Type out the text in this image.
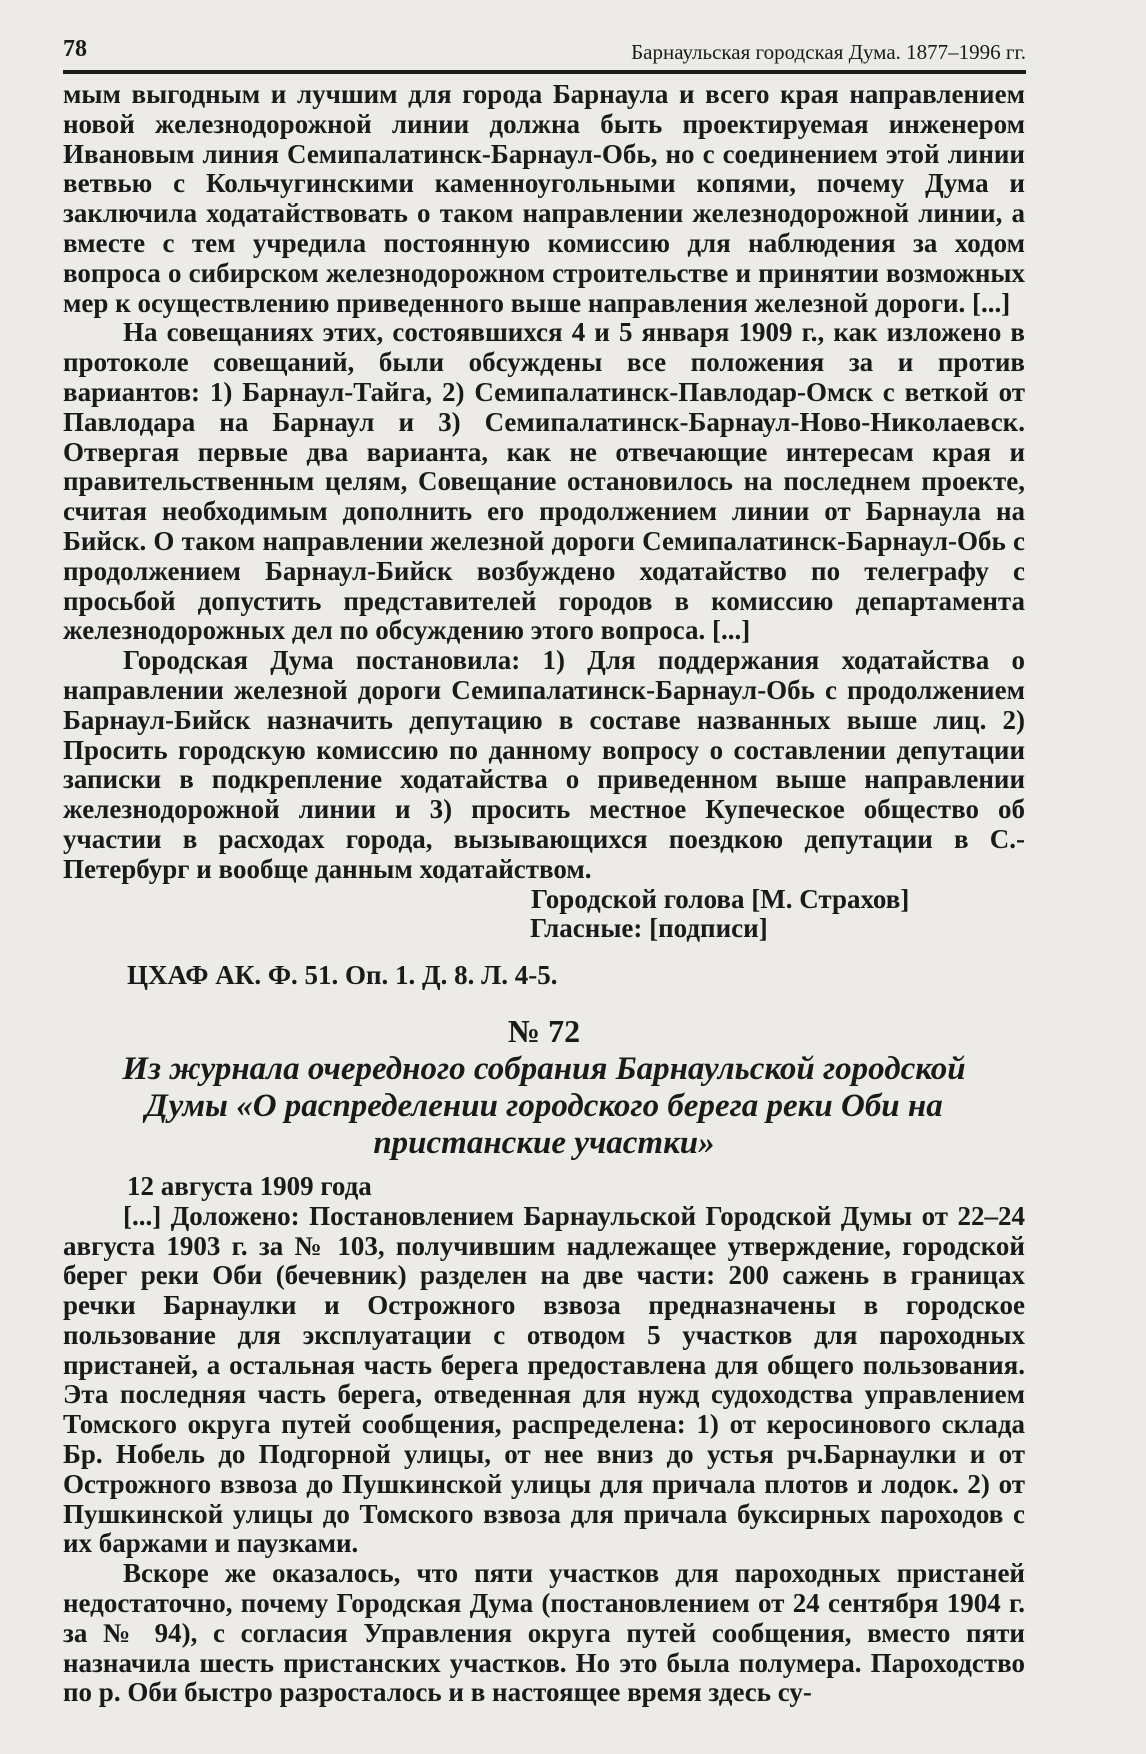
78	Барнаульская городская Дума. 1877–1996 гг.

мым выгодным и лучшим для города Барнаула и всего края направлением новой железнодорожной линии должна быть проектируемая инженером Ивановым линия Семипалатинск-Барнаул-Обь, но с соединением этой линии ветвью с Кольчугинскими каменноугольными копями, почему Дума и заключила ходатайствовать о таком направлении железнодорожной линии, а вместе с тем учредила постоянную комиссию для наблюдения за ходом вопроса о сибирском железнодорожном строительстве и принятии возможных мер к осуществлению приведенного выше направления железной дороги. [...]

На совещаниях этих, состоявшихся 4 и 5 января 1909 г., как изложено в протоколе совещаний, были обсуждены все положения за и против вариантов: 1) Барнаул-Тайга, 2) Семипалатинск-Павлодар-Омск с веткой от Павлодара на Барнаул и 3) Семипалатинск-Барнаул-Ново-Николаевск. Отвергая первые два варианта, как не отвечающие интересам края и правительственным целям, Совещание остановилось на последнем проекте, считая необходимым дополнить его продолжением линии от Барнаула на Бийск. О таком направлении железной дороги Семипалатинск-Барнаул-Обь с продолжением Барнаул-Бийск возбуждено ходатайство по телеграфу с просьбой допустить представителей городов в комиссию департамента железнодорожных дел по обсуждению этого вопроса. [...]

Городская Дума постановила: 1) Для поддержания ходатайства о направлении железной дороги Семипалатинск-Барнаул-Обь с продолжением Барнаул-Бийск назначить депутацию в составе названных выше лиц. 2) Просить городскую комиссию по данному вопросу о составлении депутации записки в подкрепление ходатайства о приведенном выше направлении железнодорожной линии и 3) просить местное Купеческое общество об участии в расходах города, вызывающихся поездкою депутации в С.-Петербург и вообще данным ходатайством.

Городской голова [М. Страхов]

Гласные: [подписи]

ЦХАФ АК. Ф. 51. Оп. 1. Д. 8. Л. 4-5.

№ 72

Из журнала очередного собрания Барнаульской городской Думы «О распределении городского берега реки Оби на пристанские участки»

12 августа 1909 года

[...] Доложено: Постановлением Барнаульской Городской Думы от 22–24 августа 1903 г. за № 103, получившим надлежащее утверждение, городской берег реки Оби (бечевник) разделен на две части: 200 сажень в границах речки Барнаулки и Острожного взвоза предназначены в городское пользование для эксплуатации с отводом 5 участков для пароходных пристаней, а остальная часть берега предоставлена для общего пользования. Эта последняя часть берега, отведенная для нужд судоходства управлением Томского округа путей сообщения, распределена: 1) от керосинового склада Бр. Нобель до Подгорной улицы, от нее вниз до устья рч.Барнаулки и от Острожного взвоза до Пушкинской улицы для причала плотов и лодок. 2) от Пушкинской улицы до Томского взвоза для причала буксирных пароходов с их баржами и паузками.

Вскоре же оказалось, что пяти участков для пароходных пристаней недостаточно, почему Городская Дума (постановлением от 24 сентября 1904 г. за № 94), с согласия Управления округа путей сообщения, вместо пяти назначила шесть пристанских участков. Но это была полумера. Пароходство по р. Оби быстро разросталось и в настоящее время здесь су-
